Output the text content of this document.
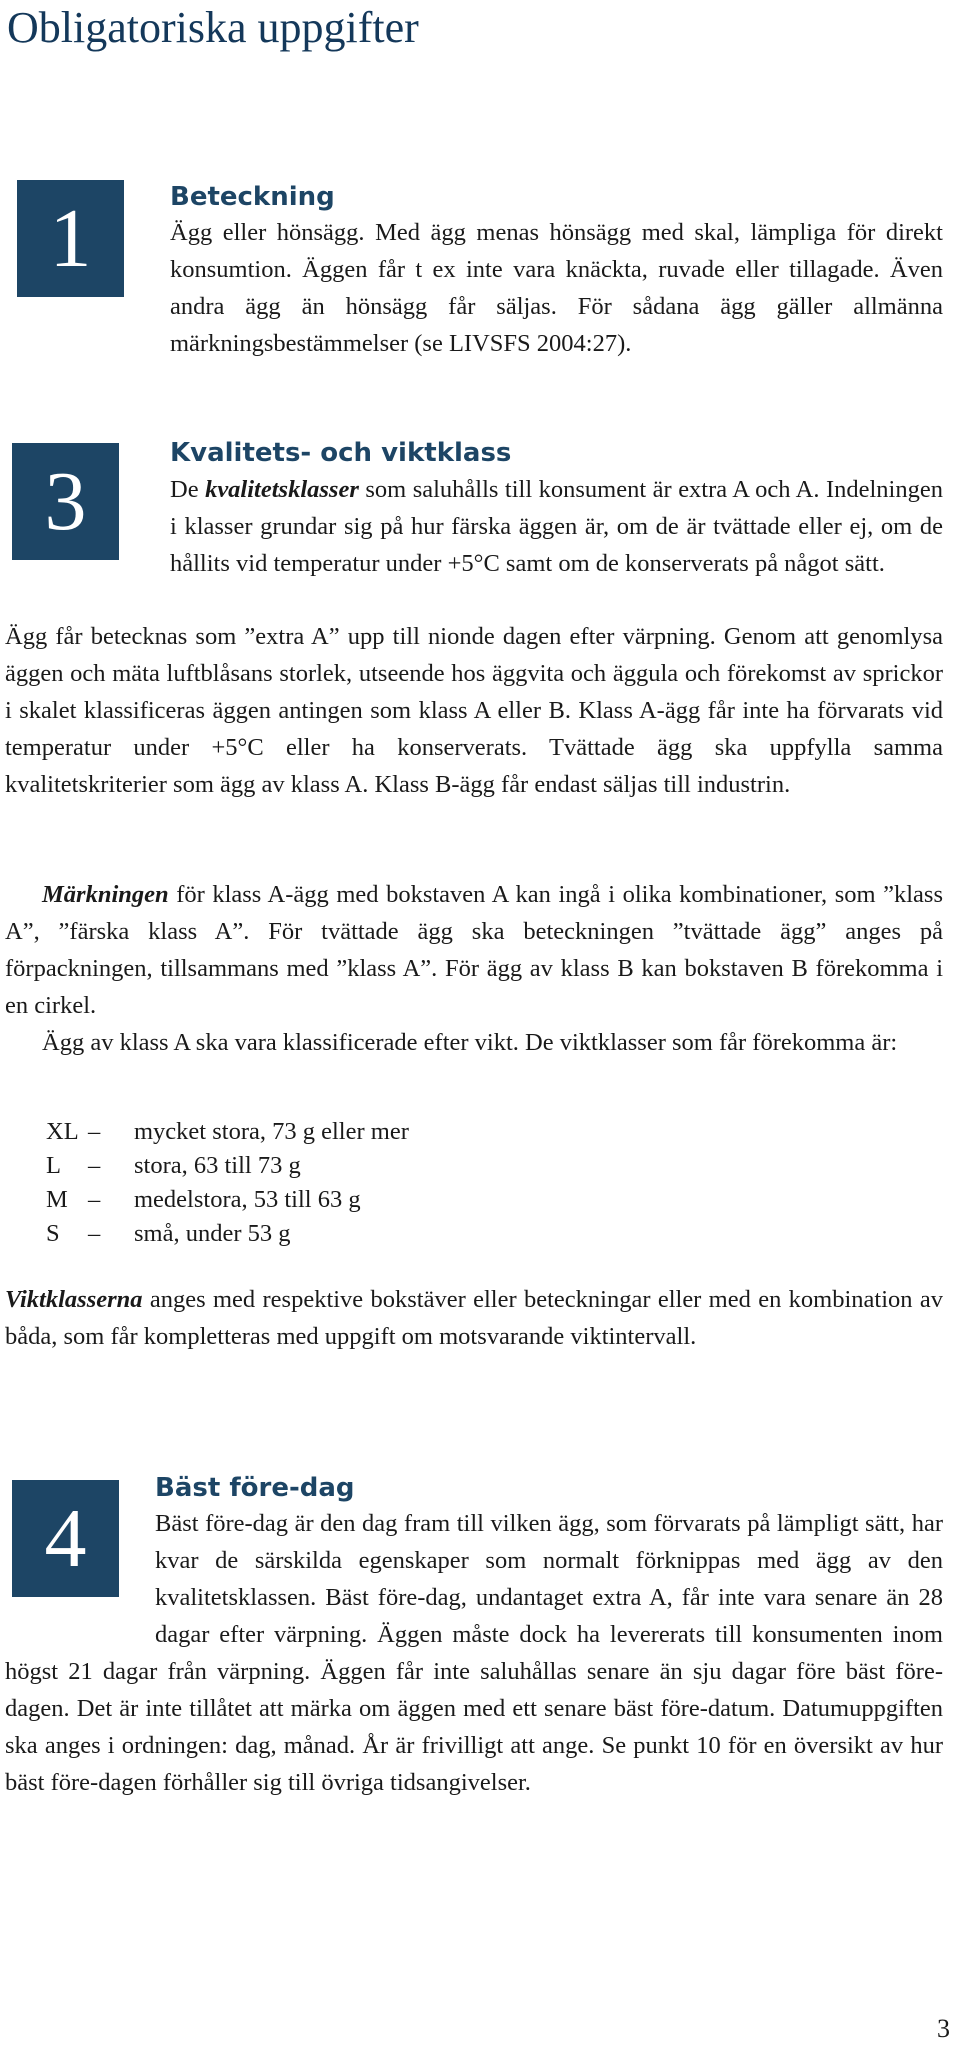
Obligatoriska uppgifter
1	Beteckning

Ägg eller hönsägg. Med ägg menas hönsägg med skal, lämpliga för direkt konsumtion. Äggen får t ex inte vara knäckta, ruvade eller tillagade. Även andra ägg än hönsägg får säljas. För sådana ägg gäller allmänna märkningsbestämmelser (se LIVSFS 2004:27).

3
Kvalitets- och viktklass

De kvalitetsklasser som saluhålls till konsument är extra A och A. Indelningen i klasser grundar sig på hur färska äggen är, om de är tvättade eller ej, om de hållits vid temperatur under +5°C samt om de konserverats på något sätt.

Ägg får betecknas som ”extra A” upp till nionde dagen efter värpning. Genom att genomlysa äggen och mäta luftblåsans storlek, utseende hos äggvita och äggula och förekomst av sprickor i skalet klassificeras äggen antingen som klass A eller B. Klass A-ägg får inte ha förvarats vid temperatur under +5°C eller ha konserverats. Tvättade ägg ska uppfylla samma kvalitetskriterier som ägg av klass A. Klass B-ägg får endast säljas till industrin.

Märkningen för klass A-ägg med bokstaven A kan ingå i olika kombinationer, som ”klass A”, ”färska klass A”. För tvättade ägg ska beteckningen ”tvättade ägg” anges på förpackningen, tillsammans med ”klass A”. För ägg av klass B kan bokstaven B förekomma i en cirkel.

Ägg av klass A ska vara klassificerade efter vikt. De viktklasser som får förekomma är:

XL –	mycket stora, 73 g eller mer
L	–	stora, 63 till 73 g
M –	medelstora, 53 till 63 g
S	–	små, under 53 g

Viktklasserna anges med respektive bokstäver eller beteckningar eller med en kombination av båda, som får kompletteras med uppgift om motsvarande viktintervall.

4
Bäst före-dag

Bäst före-dag är den dag fram till vilken ägg, som förvarats på lämpligt sätt, har kvar de särskilda egenskaper som normalt förknippas med ägg av den kvalitetsklassen. Bäst före-dag, undantaget extra A, får inte vara senare än 28 dagar efter värpning. Äggen måste dock ha levererats till konsumenten inom högst 21 dagar från värpning. Äggen får inte saluhållas senare än sju dagar före bäst före-dagen. Det är inte tillåtet att märka om äggen med ett senare bäst före-datum. Datumuppgiften ska anges i ordningen: dag, månad. År är frivilligt att ange. Se punkt 10 för en översikt av hur bäst före-dagen förhåller sig till övriga tidsangivelser.

3
